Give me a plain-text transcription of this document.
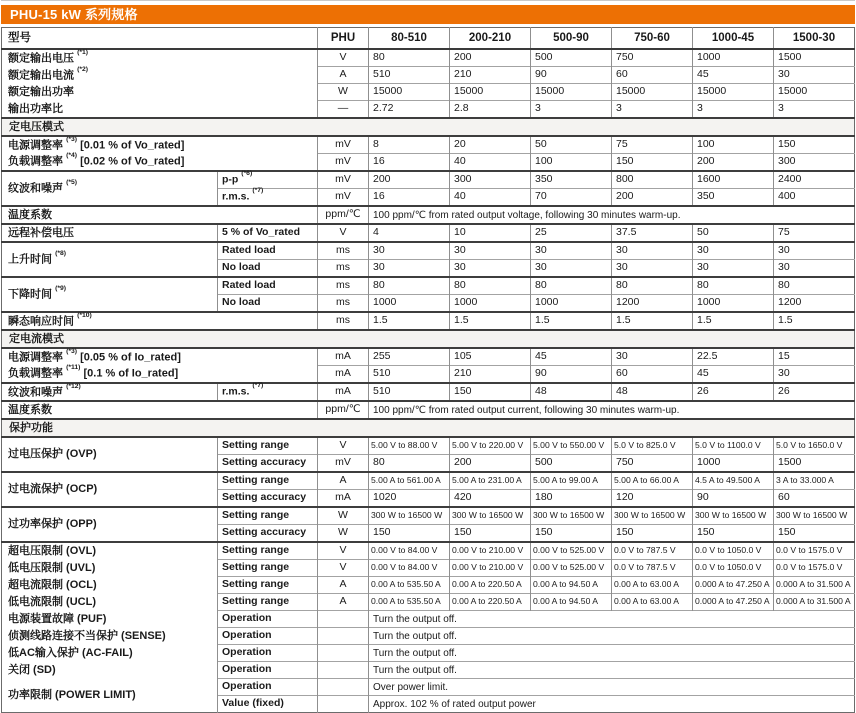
PHU-15 kW 系列规格
型号		PHU	80-510	200-210	500-90	750-60	1000-45	1500-30
额定输出电压 $^{(*1)}$		V	80	200	500	750	1000	1500
额定输出电流 $^{(*2)}$		A	510	210	90	60	45	30
额定输出功率		W	15000	15000	15000	15000	15000	15000
输出功率比		—	2.72	2.8	3	3	3	3
定电压模式								
电源调整率 $^{(*3)}$ [0.01 % of Vo_rated]		mV	8	20	50	75	100	150
负载调整率 $^{(*4)}$ [0.02 % of Vo_rated]		mV	16	40	100	150	200	300
纹波和噪声 $^{(*5)}$	p-p $^{(*6)}$	mV	200	300	350	800	1600	2400
	r.m.s. $^{(*7)}$	mV	16	40	70	200	350	400
温度系数		ppm/℃	100 ppm/℃ from rated output voltage, following 30 minutes warm-up.					
远程补偿电压	5 % of Vo_rated	V	4	10	25	37.5	50	75
上升时间 $^{(*8)}$	Rated load	ms	30	30	30	30	30	30
	No load	ms	30	30	30	30	30	30
下降时间 $^{(*9)}$	Rated load	ms	80	80	80	80	80	80
	No load	ms	1000	1000	1000	1200	1000	1200
瞬态响应时间 $^{(*10)}$		ms	1.5	1.5	1.5	1.5	1.5	1.5
定电流模式								
电源调整率 $^{(*3)}$ [0.05 % of Io_rated]		mA	255	105	45	30	22.5	15
负载调整率 $^{(*11)}$ [0.1 % of Io_rated]		mA	510	210	90	60	45	30
纹波和噪声 $^{(*12)}$	r.m.s. $^{(*7)}$	mA	510	150	48	48	26	26
温度系数		ppm/℃	100 ppm/℃ from rated output current, following 30 minutes warm-up.					
保护功能								
过电压保护 (OVP)	Setting range	V	5.00 V to 88.00 V	5.00 V to 220.00 V	5.00 V to 550.00 V	5.0 V to 825.0 V	5.0 V to 1100.0 V	5.0 V to 1650.0 V
	Setting accuracy	mV	80	200	500	750	1000	1500
过电流保护 (OCP)	Setting range	A	5.00 A to 561.00 A	5.00 A to 231.00 A	5.00 A to 99.00 A	5.00 A to 66.00 A	4.5 A to 49.500 A	3 A to 33.000 A
	Setting accuracy	mA	1020	420	180	120	90	60
过功率保护 (OPP)	Setting range	W	300 W to 16500 W	300 W to 16500 W	300 W to 16500 W	300 W to 16500 W	300 W to 16500 W	300 W to 16500 W
	Setting accuracy	W	150	150	150	150	150	150
超电压限制 (OVL)	Setting range	V	0.00 V to 84.00 V	0.00 V to 210.00 V	0.00 V to 525.00 V	0.0 V to 787.5 V	0.0 V to 1050.0 V	0.0 V to 1575.0 V
低电压限制 (UVL)	Setting range	V	0.00 V to 84.00 V	0.00 V to 210.00 V	0.00 V to 525.00 V	0.0 V to 787.5 V	0.0 V to 1050.0 V	0.0 V to 1575.0 V
超电流限制 (OCL)	Setting range	A	0.00 A to 535.50 A	0.00 A to 220.50 A	0.00 A to 94.50 A	0.00 A to 63.00 A	0.000 A to 47.250 A	0.000 A to 31.500 A
低电流限制 (UCL)	Setting range	A	0.00 A to 535.50 A	0.00 A to 220.50 A	0.00 A to 94.50 A	0.00 A to 63.00 A	0.000 A to 47.250 A	0.000 A to 31.500 A
电源装置故障 (PUF)	Operation		Turn the output off.					
侦测线路连接不当保护 (SENSE)	Operation		Turn the output off.					
低AC输入保护 (AC-FAIL)	Operation		Turn the output off.					
关闭 (SD)	Operation		Turn the output off.					
功率限制 (POWER LIMIT)	Operation		Over power limit.					
	Value (fixed)		Approx. 102 % of rated output power					
